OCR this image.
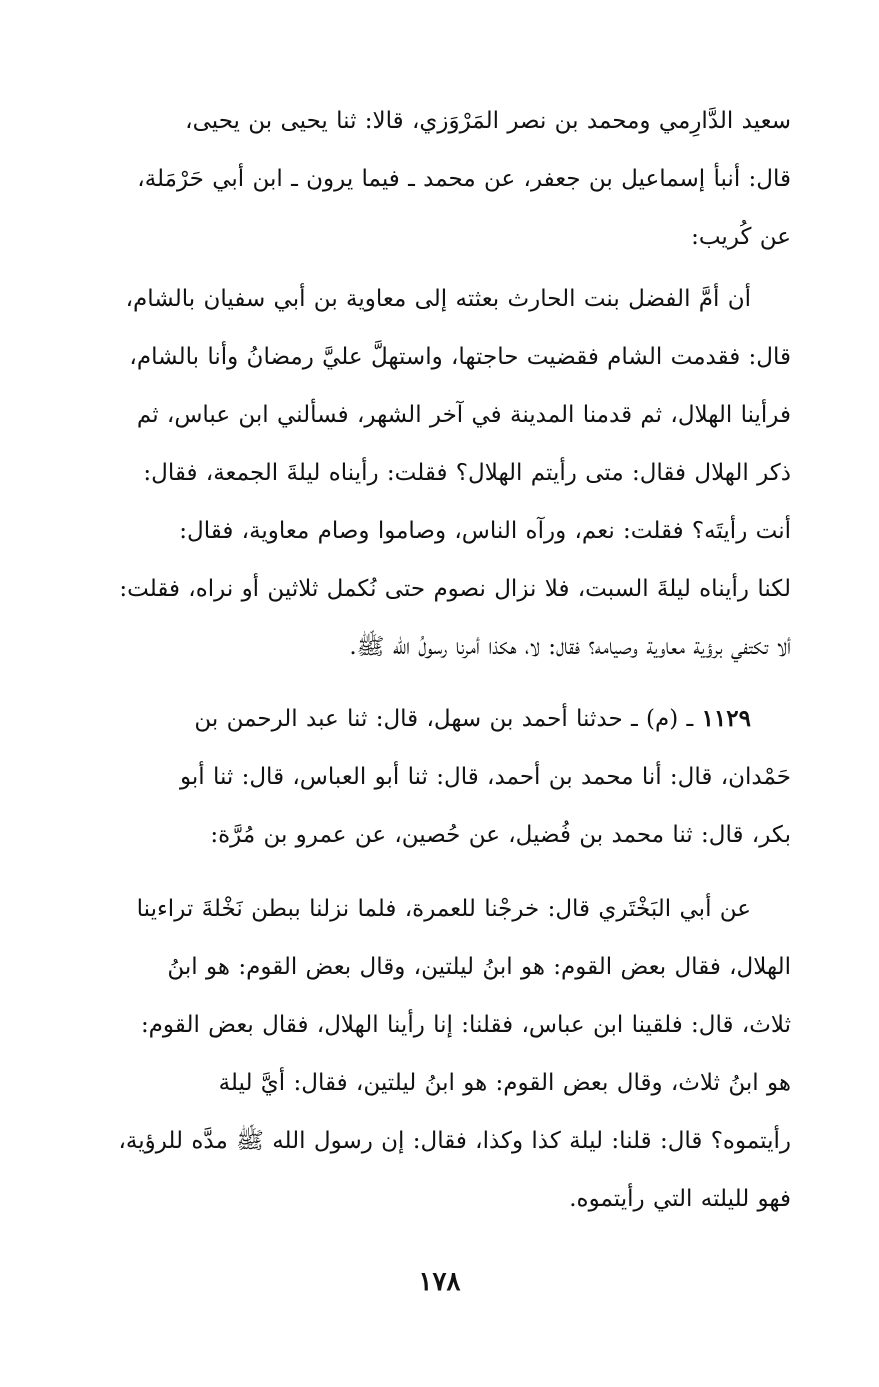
سعيد الدَّارِمي ومحمد بن نصر المَرْوَزي، قالا: ثنا يحيى بن يحيى،
قال: أنبأ إسماعيل بن جعفر، عن محمد ـ فيما يرون ـ ابن أبي حَرْمَلة،
عن كُريب:
أن أمَّ الفضل بنت الحارث بعثته إلى معاوية بن أبي سفيان بالشام،
قال: فقدمت الشام فقضيت حاجتها، واستهلَّ عليَّ رمضانُ وأنا بالشام،
فرأينا الهلال، ثم قدمنا المدينة في آخر الشهر، فسألني ابن عباس، ثم
ذكر الهلال فقال: متى رأيتم الهلال؟ فقلت: رأيناه ليلةَ الجمعة، فقال:
أنت رأيتَه؟ فقلت: نعم، ورآه الناس، وصاموا وصام معاوية، فقال:
لكنا رأيناه ليلةَ السبت، فلا نزال نصوم حتى نُكمل ثلاثين أو نراه، فقلت:
ألا تكتفي برؤية معاوية وصيامه؟ فقال: لا، هكذا أمرنا رسولُ الله ﷺ.
١١٢٩ ـ (م) ـ حدثنا أحمد بن سهل، قال: ثنا عبد الرحمن بن
حَمْدان، قال: أنا محمد بن أحمد، قال: ثنا أبو العباس، قال: ثنا أبو
بكر، قال: ثنا محمد بن فُضيل، عن حُصين، عن عمرو بن مُرَّة:
عن أبي البَخْتَري قال: خرجْنا للعمرة، فلما نزلنا ببطن نَخْلةَ تراءينا
الهلال، فقال بعض القوم: هو ابنُ ليلتين، وقال بعض القوم: هو ابنُ
ثلاث، قال: فلقينا ابن عباس، فقلنا: إنا رأينا الهلال، فقال بعض القوم:
هو ابنُ ثلاث، وقال بعض القوم: هو ابنُ ليلتين، فقال: أيَّ ليلة
رأيتموه؟ قال: قلنا: ليلة كذا وكذا، فقال: إن رسول الله ﷺ مدَّه للرؤية،
فهو لليلته التي رأيتموه.
١٧٨
